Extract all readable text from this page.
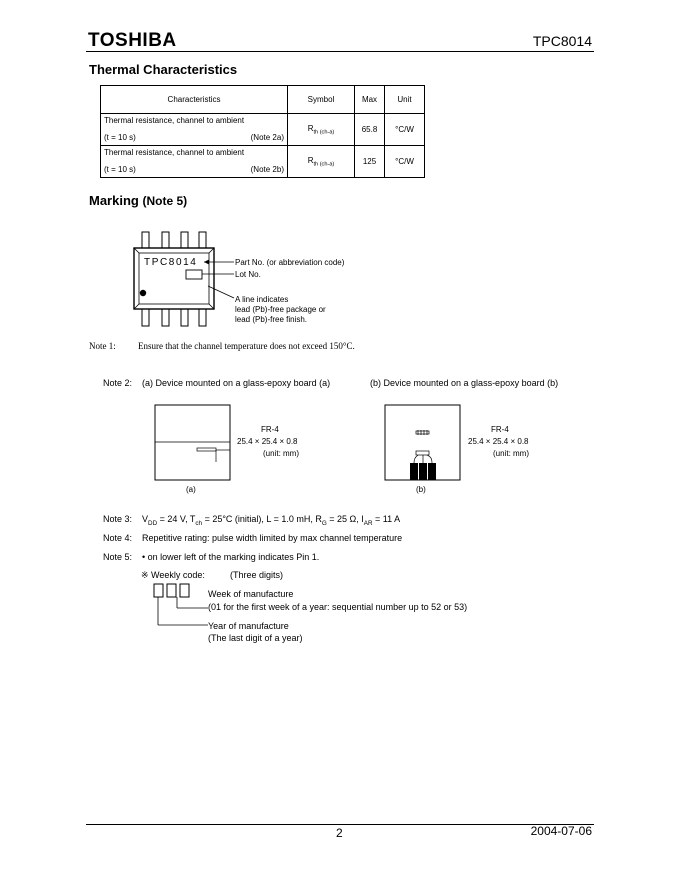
TOSHIBA	TPC8014
Thermal Characteristics
Characteristics	Symbol	Max	Unit

Thermal resistance, channel to ambient
(t = 10 s) (Note 2a)	$R_{th (ch-a)}$	65.8	°C/W

Thermal resistance, channel to ambient
(t = 10 s) (Note 2b)	$R_{th (ch-a)}$	125	°C/W
Marking (Note 5)
TPC8014	Part No. (or abbreviation code)
Lot No.
A line indicates
lead (Pb)-free package or
lead (Pb)-free finish.
Note 1: Ensure that the channel temperature does not exceed 150°C.
Note 2: (a) Device mounted on a glass-epoxy board (a)	(b) Device mounted on a glass-epoxy board (b)
FR-4
25.4 × 25.4 × 0.8
(unit: mm)
(a)
FR-4
25.4 × 25.4 × 0.8
(unit: mm)
(b)
Note 3: $V_{DD} = 24$ V, $T_{ch} = 25^\circ C$ (initial), L = 1.0 mH, $R_G = 25$ Ω, $I_{AR} = 11$ A
Note 4: Repetitive rating: pulse width limited by max channel temperature
Note 5: • on lower left of the marking indicates Pin 1.
※ Weekly code:	(Three digits)
Week of manufacture
(01 for the first week of a year: sequential number up to 52 or 53)
Year of manufacture
(The last digit of a year)
2	2004-07-06
